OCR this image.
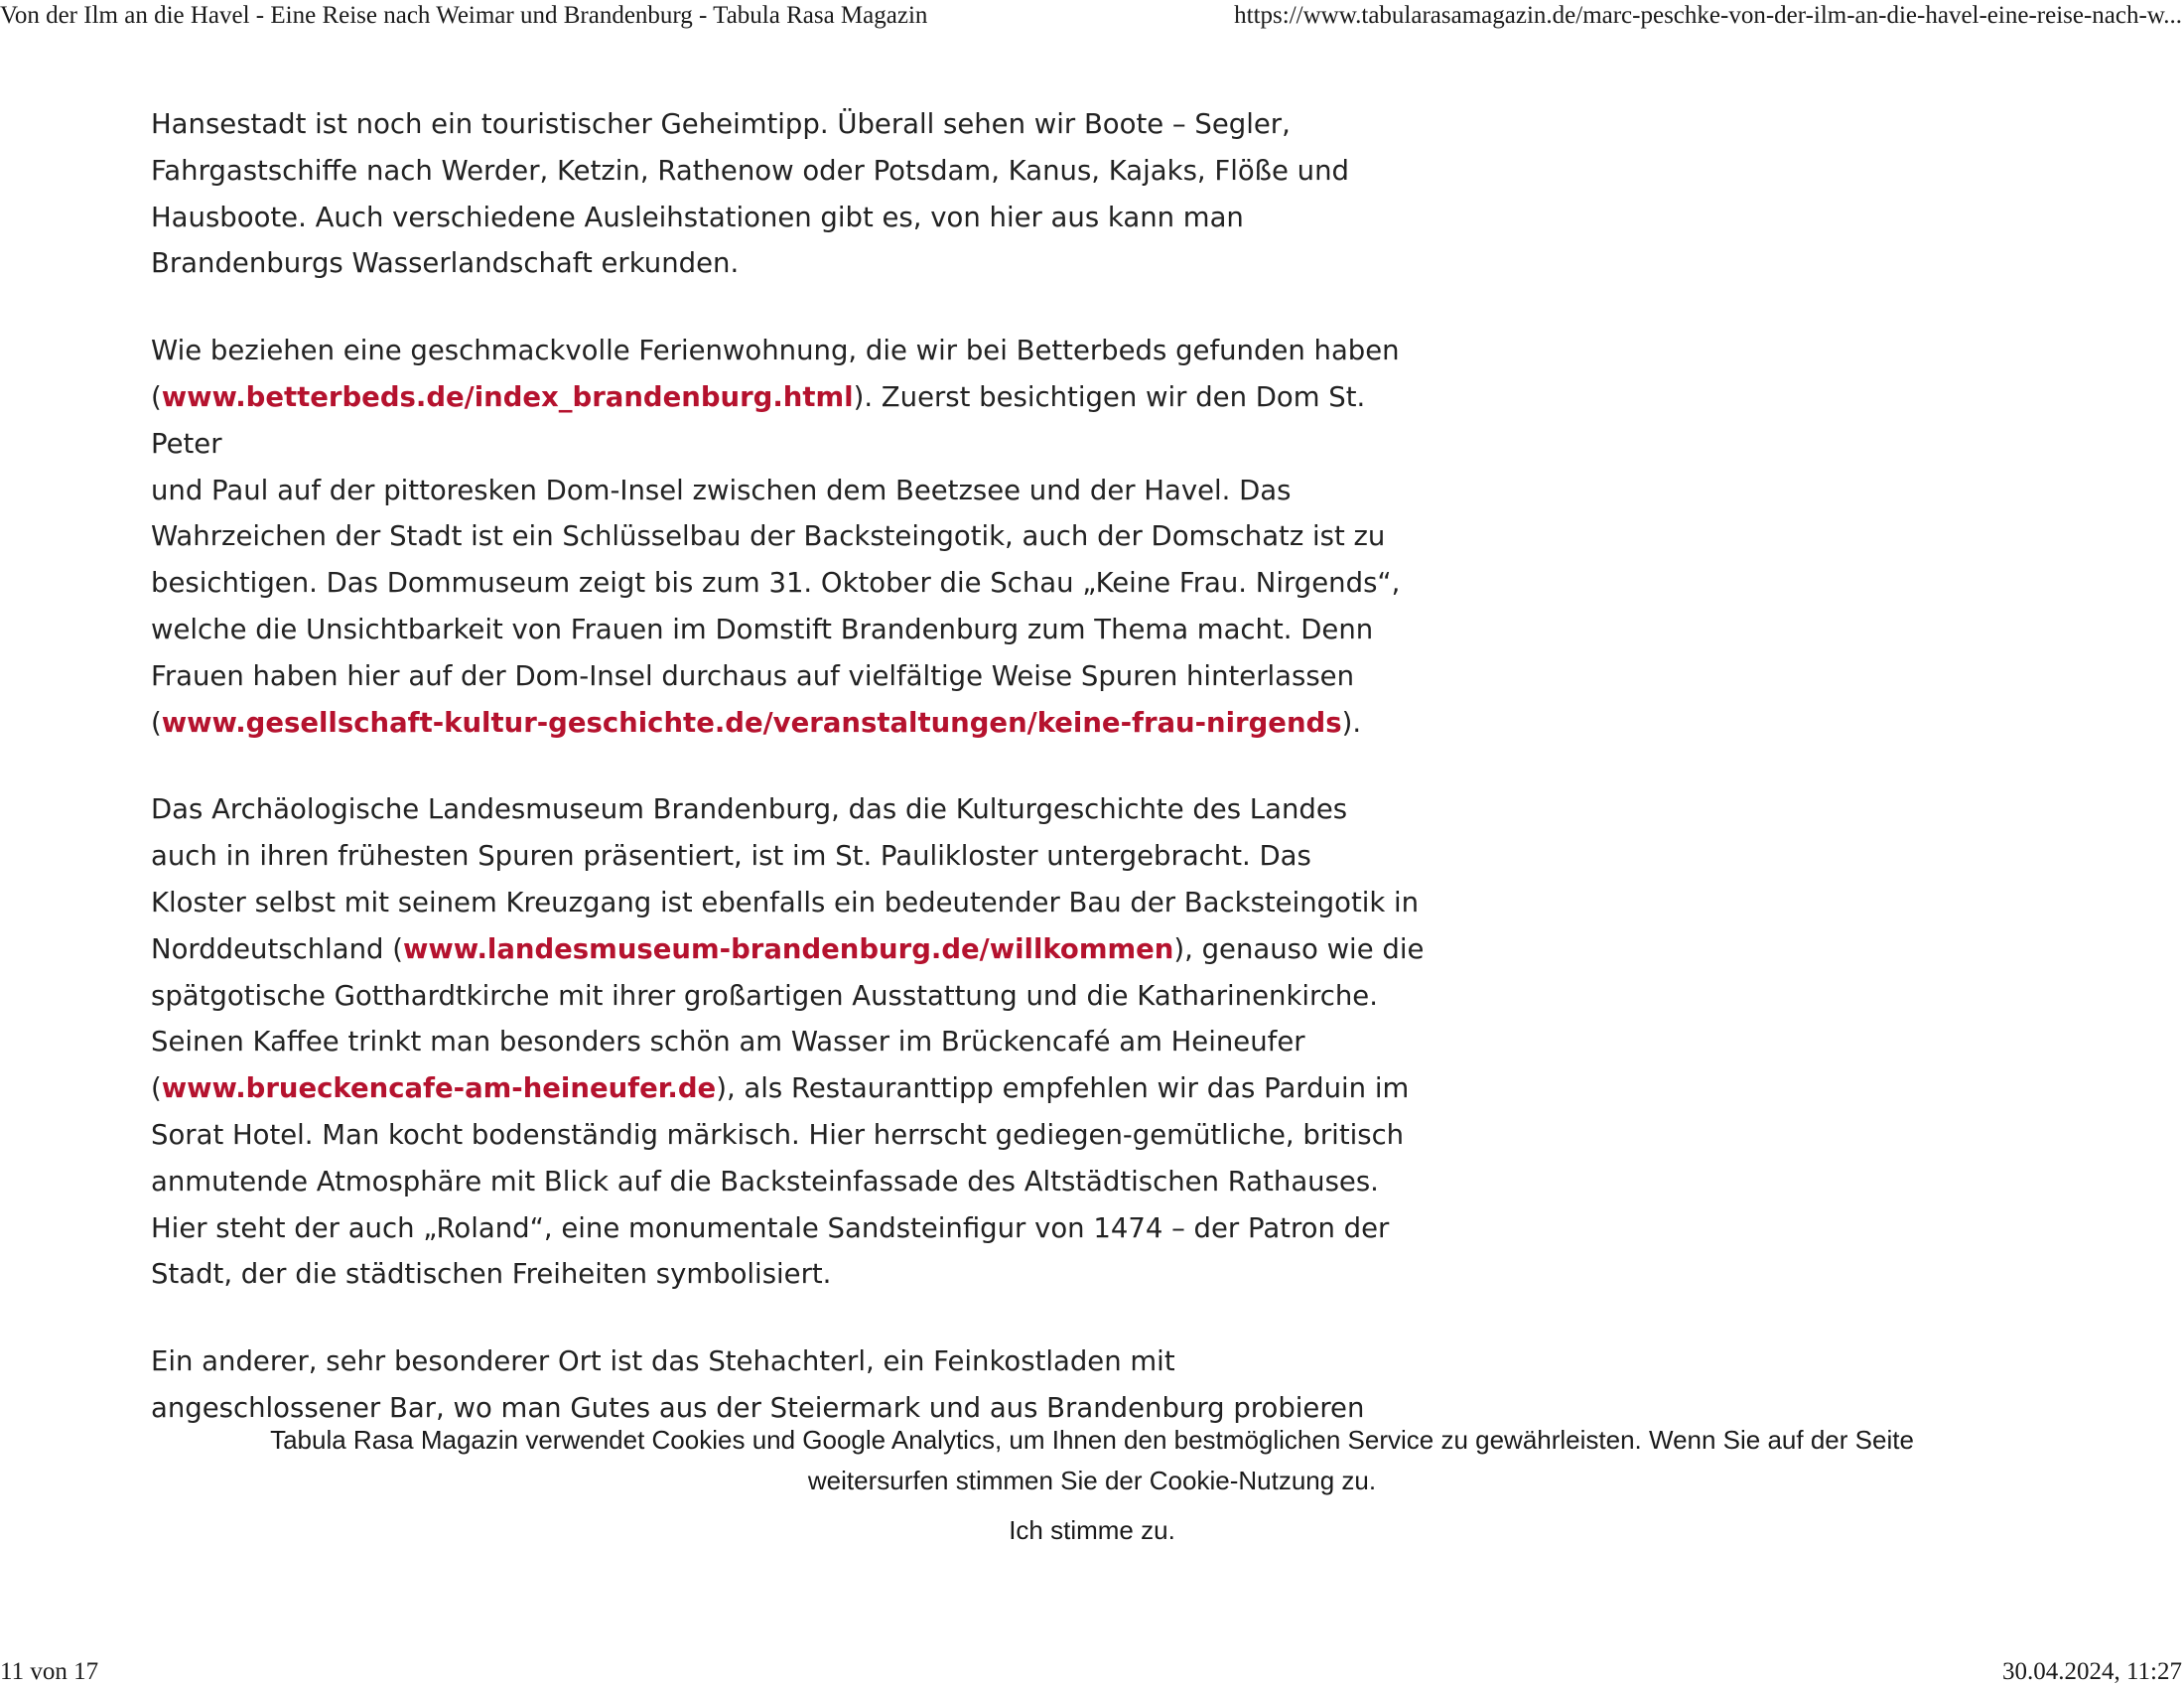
Von der Ilm an die Havel - Eine Reise nach Weimar und Brandenburg - Tabula Rasa Magazin	https://www.tabularasamagazin.de/marc-peschke-von-der-ilm-an-die-havel-eine-reise-nach-w...

Hansestadt ist noch ein touristischer Geheimtipp. Überall sehen wir Boote – Segler,
Fahrgastschiffe nach Werder, Ketzin, Rathenow oder Potsdam, Kanus, Kajaks, Flöße und
Hausboote. Auch verschiedene Ausleihstationen gibt es, von hier aus kann man
Brandenburgs Wasserlandschaft erkunden.

Wie beziehen eine geschmackvolle Ferienwohnung, die wir bei Betterbeds gefunden haben
(www.betterbeds.de/index_brandenburg.html). Zuerst besichtigen wir den Dom St. Peter
und Paul auf der pittoresken Dom-Insel zwischen dem Beetzsee und der Havel. Das
Wahrzeichen der Stadt ist ein Schlüsselbau der Backsteingotik, auch der Domschatz ist zu
besichtigen. Das Dommuseum zeigt bis zum 31. Oktober die Schau „Keine Frau. Nirgends“,
welche die Unsichtbarkeit von Frauen im Domstift Brandenburg zum Thema macht. Denn
Frauen haben hier auf der Dom-Insel durchaus auf vielfältige Weise Spuren hinterlassen
(www.gesellschaft-kultur-geschichte.de/veranstaltungen/keine-frau-nirgends).

Das Archäologische Landesmuseum Brandenburg, das die Kulturgeschichte des Landes
auch in ihren frühesten Spuren präsentiert, ist im St. Paulikloster untergebracht. Das
Kloster selbst mit seinem Kreuzgang ist ebenfalls ein bedeutender Bau der Backsteingotik in
Norddeutschland (www.landesmuseum-brandenburg.de/willkommen), genauso wie die
spätgotische Gotthardtkirche mit ihrer großartigen Ausstattung und die Katharinenkirche.
Seinen Kaffee trinkt man besonders schön am Wasser im Brückencafé am Heineufer
(www.brueckencafe-am-heineufer.de), als Restauranttipp empfehlen wir das Parduin im
Sorat Hotel. Man kocht bodenständig märkisch. Hier herrscht gediegen-gemütliche, britisch
anmutende Atmosphäre mit Blick auf die Backsteinfassade des Altstädtischen Rathauses.
Hier steht der auch „Roland“, eine monumentale Sandsteinfigur von 1474 – der Patron der
Stadt, der die städtischen Freiheiten symbolisiert.

Ein anderer, sehr besonderer Ort ist das Stehachterl, ein Feinkostladen mit
angeschlossener Bar, wo man Gutes aus der Steiermark und aus Brandenburg probieren

Tabula Rasa Magazin verwendet Cookies und Google Analytics, um Ihnen den bestmöglichen Service zu gewährleisten. Wenn Sie auf der Seite weitersurfen stimmen Sie der Cookie-Nutzung zu.
Ich stimme zu.
11 von 17	30.04.2024, 11:27
